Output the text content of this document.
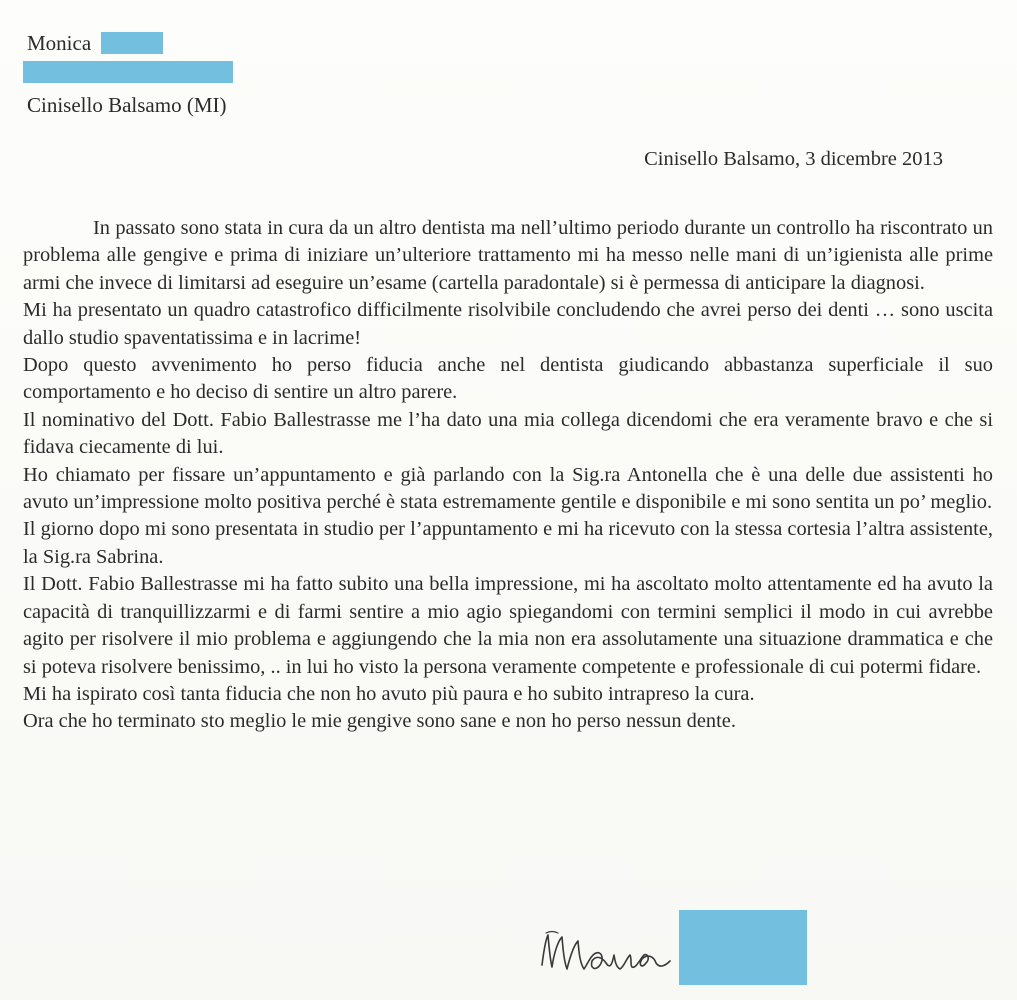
Monica
Cinisello Balsamo (MI)
Cinisello Balsamo, 3 dicembre 2013

In passato sono stata in cura da un altro dentista ma nell’ultimo periodo durante un controllo ha riscontrato un problema alle gengive e prima di iniziare un’ulteriore trattamento mi ha messo nelle mani di un’igienista alle prime armi che invece di limitarsi ad eseguire un’esame (cartella paradontale) si è permessa di anticipare la diagnosi.

Mi ha presentato un quadro catastrofico difficilmente risolvibile concludendo che avrei perso dei denti … sono uscita dallo studio spaventatissima e in lacrime!

Dopo questo avvenimento ho perso fiducia anche nel dentista giudicando abbastanza superficiale il suo comportamento e ho deciso di sentire un altro parere.

Il nominativo del Dott. Fabio Ballestrasse me l’ha dato una mia collega dicendomi che era veramente bravo e che si fidava ciecamente di lui.

Ho chiamato per fissare un’appuntamento e già parlando con la Sig.ra Antonella che è una delle due assistenti ho avuto un’impressione molto positiva perché è stata estremamente gentile e disponibile e mi sono sentita un po’ meglio.

Il giorno dopo mi sono presentata in studio per l’appuntamento e mi ha ricevuto con la stessa cortesia l’altra assistente, la Sig.ra Sabrina.

Il Dott. Fabio Ballestrasse mi ha fatto subito una bella impressione, mi ha ascoltato molto attentamente ed ha avuto la capacità di tranquillizzarmi e di farmi sentire a mio agio spiegandomi con termini semplici il modo in cui avrebbe agito per risolvere il mio problema e aggiungendo che la mia non era assolutamente una situazione drammatica e che si poteva risolvere benissimo, .. in lui ho visto la persona veramente competente e professionale di cui potermi fidare.

Mi ha ispirato così tanta fiducia che non ho avuto più paura e ho subito intrapreso la cura.

Ora che ho terminato sto meglio le mie gengive sono sane e non ho perso nessun dente.
